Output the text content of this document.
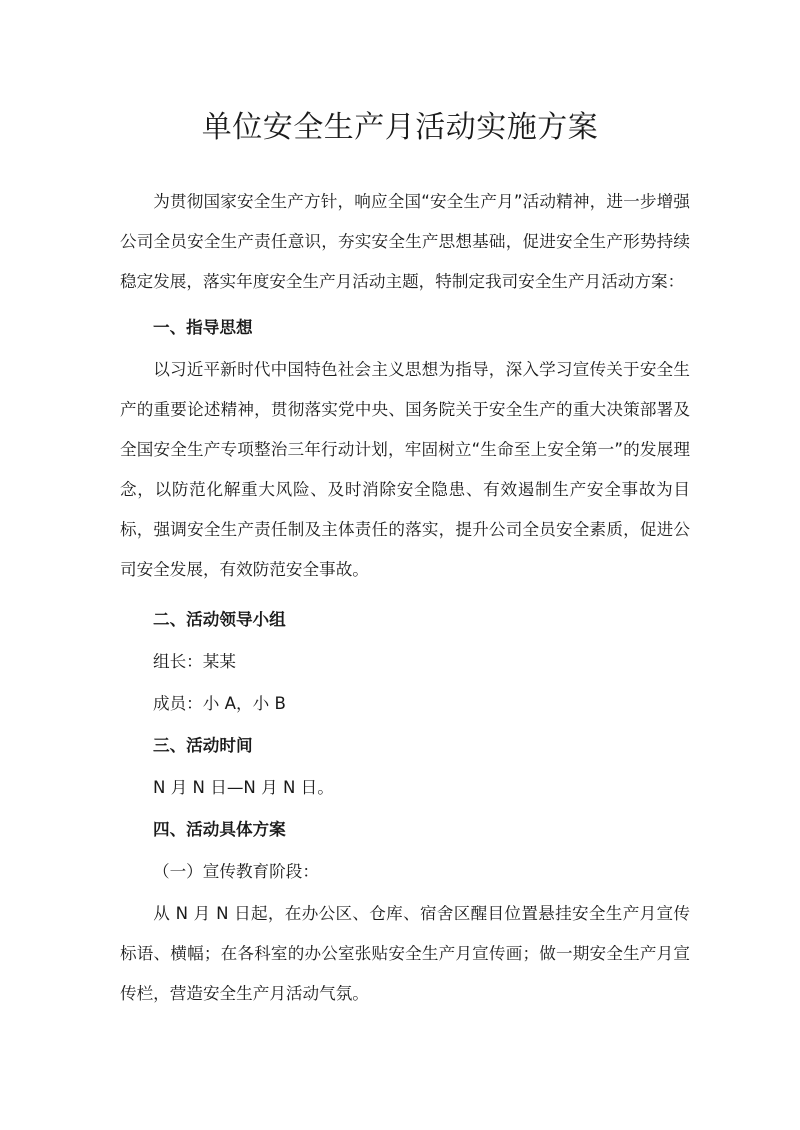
单位安全生产月活动实施方案

为贯彻国家安全生产方针，响应全国“安全生产月”活动精神，进一步增强公司全员安全生产责任意识，夯实安全生产思想基础，促进安全生产形势持续稳定发展，落实年度安全生产月活动主题，特制定我司安全生产月活动方案：

一、指导思想

以习近平新时代中国特色社会主义思想为指导，深入学习宣传关于安全生产的重要论述精神，贯彻落实党中央、国务院关于安全生产的重大决策部署及全国安全生产专项整治三年行动计划，牢固树立“生命至上安全第一”的发展理念，以防范化解重大风险、及时消除安全隐患、有效遏制生产安全事故为目标，强调安全生产责任制及主体责任的落实，提升公司全员安全素质，促进公司安全发展，有效防范安全事故。

二、活动领导小组

组长：某某

成员：小 A，小 B

三、活动时间

N 月 N 日—N 月 N 日。

四、活动具体方案

（一）宣传教育阶段：

从 N 月 N 日起，在办公区、仓库、宿舍区醒目位置悬挂安全生产月宣传标语、横幅；在各科室的办公室张贴安全生产月宣传画；做一期安全生产月宣传栏，营造安全生产月活动气氛。
